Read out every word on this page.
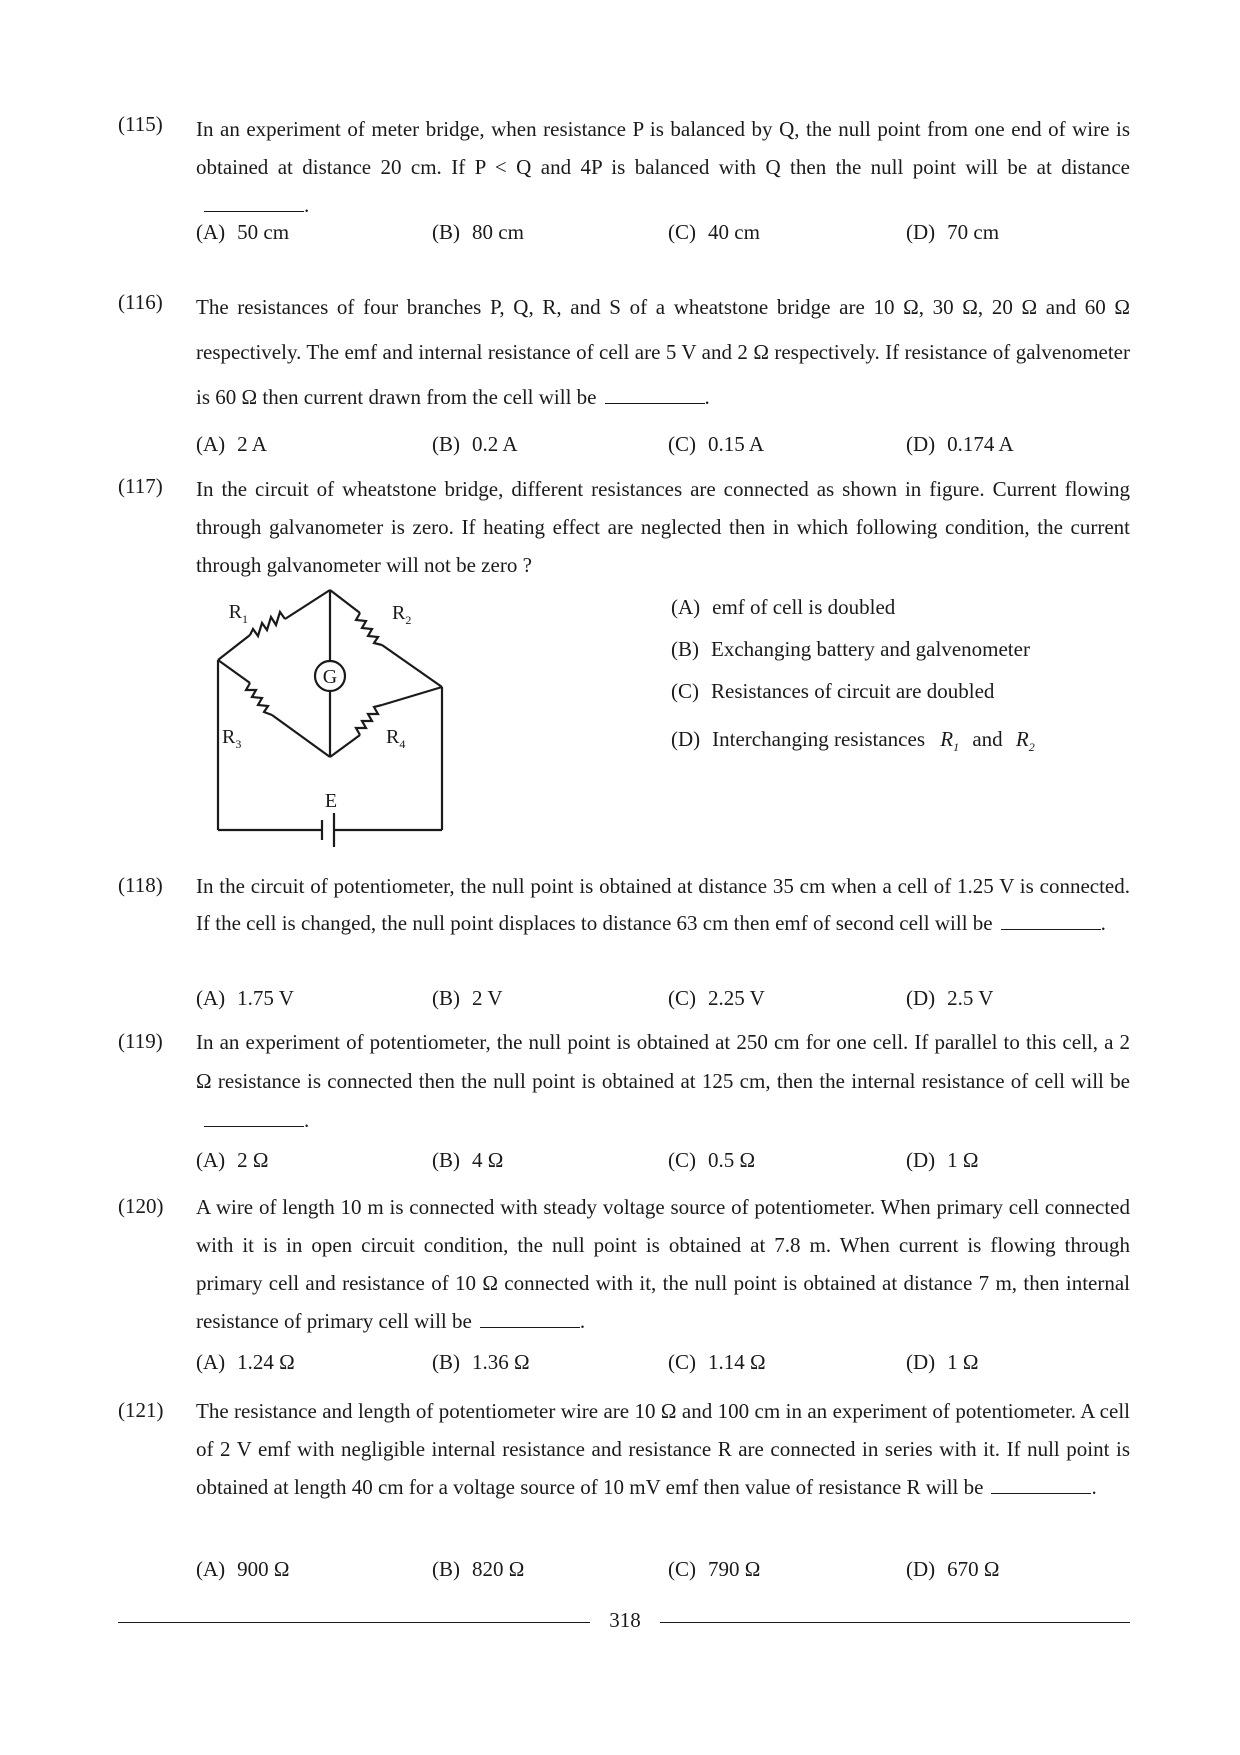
(115) In an experiment of meter bridge, when resistance P is balanced by Q, the null point from one end of wire is obtained at distance 20 cm. If P < Q and 4P is balanced with Q then the null point will be at distance.
(A) 50 cm	(B) 80 cm	(C) 40 cm	(D) 70 cm
(116) The resistances of four branches P, Q, R, and S of a wheatstone bridge are 10 Ω, 30 Ω, 20 Ω and 60 Ω respectively. The emf and internal resistance of cell are 5 V and 2 Ω respectively. If resistance of galvenometer is 60 Ω then current drawn from the cell will be	.
(A) 2 A	(B) 0.2 A	(C) 0.15 A	(D) 0.174 A
(117) In the circuit of wheatstone bridge, different resistances are connected as shown in figure. Current flowing through galvanometer is zero. If heating effect are neglected then in which following condition, the current through galvanometer will not be zero ?
$R_1$	$R_2$
$R_3$	$R_4$
G
E
(A) emf of cell is doubled
(B) Exchanging battery and galvenometer
(C) Resistances of circuit are doubled
(D) Interchanging resistances $R_1$ and $R_2$
(118) In the circuit of potentiometer, the null point is obtained at distance 35 cm when a cell of 1.25 V is connected. If the cell is changed, the null point displaces to distance 63 cm then emf of second cell will be	.
(A) 1.75 V	(B) 2 V	(C) 2.25 V	(D) 2.5 V
(119) In an experiment of potentiometer, the null point is obtained at 250 cm for one cell. If parallel to this cell, a 2 Ω resistance is connected then the null point is obtained at 125 cm, then the internal resistance of cell will be.
(A) 2 Ω	(B) 4 Ω	(C) 0.5 Ω	(D) 1 Ω
(120) A wire of length 10 m is connected with steady voltage source of potentiometer. When primary cell connected with it is in open circuit condition, the null point is obtained at 7.8 m. When current is flowing through primary cell and resistance of 10 Ω connected with it, the null point is obtained at distance 7 m, then internal resistance of primary cell will be	.
(A) 1.24 Ω	(B) 1.36 Ω	(C) 1.14 Ω	(D) 1 Ω
(121) The resistance and length of potentiometer wire are 10 Ω and 100 cm in an experiment of potentiometer. A cell of 2 V emf with negligible internal resistance and resistance R are connected in series with it. If null point is obtained at length 40 cm for a voltage source of 10 mV emf then value of resistance R will be	.
(A) 900 Ω	(B) 820 Ω	(C) 790 Ω	(D) 670 Ω
318
